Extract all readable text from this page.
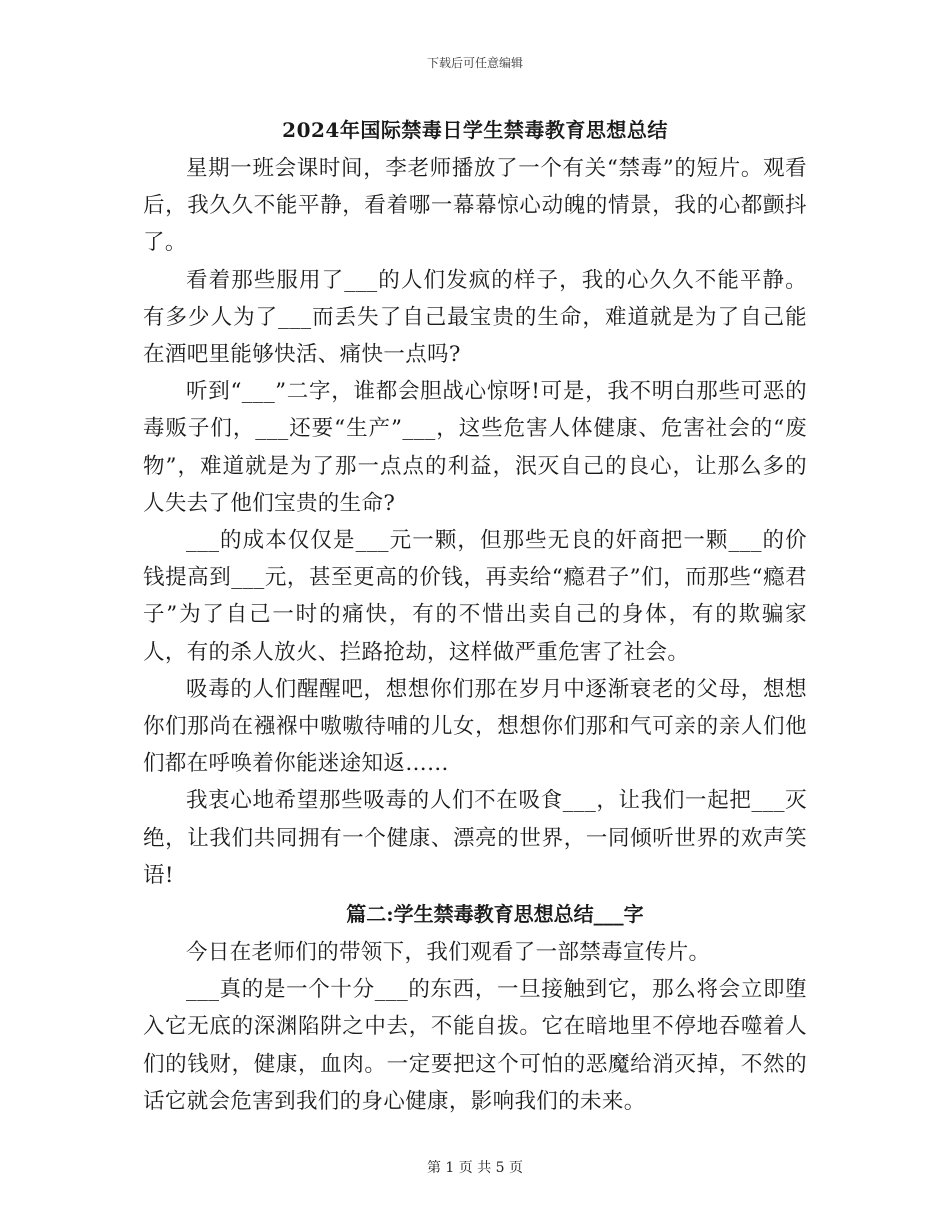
下载后可任意编辑
2024年国际禁毒日学生禁毒教育思想总结

星期一班会课时间，李老师播放了一个有关“禁毒”的短片。观看后，我久久不能平静，看着哪一幕幕惊心动魄的情景，我的心都颤抖了。

看着那些服用了___的人们发疯的样子，我的心久久不能平静。有多少人为了___而丢失了自己最宝贵的生命，难道就是为了自己能在酒吧里能够快活、痛快一点吗?

听到“___”二字，谁都会胆战心惊呀!可是，我不明白那些可恶的毒贩子们，___还要“生产”___，这些危害人体健康、危害社会的“废物”，难道就是为了那一点点的利益，泯灭自己的良心，让那么多的人失去了他们宝贵的生命?

___的成本仅仅是___元一颗，但那些无良的奸商把一颗___的价钱提高到___元，甚至更高的价钱，再卖给“瘾君子”们，而那些“瘾君子”为了自己一时的痛快，有的不惜出卖自己的身体，有的欺骗家人，有的杀人放火、拦路抢劫，这样做严重危害了社会。

吸毒的人们醒醒吧，想想你们那在岁月中逐渐衰老的父母，想想你们那尚在襁褓中嗷嗷待哺的儿女，想想你们那和气可亲的亲人们他们都在呼唤着你能迷途知返……

我衷心地希望那些吸毒的人们不在吸食___，让我们一起把___灭绝，让我们共同拥有一个健康、漂亮的世界，一同倾听世界的欢声笑语!

篇二:学生禁毒教育思想总结___字

今日在老师们的带领下，我们观看了一部禁毒宣传片。

___真的是一个十分___的东西，一旦接触到它，那么将会立即堕入它无底的深渊陷阱之中去，不能自拔。它在暗地里不停地吞噬着人们的钱财，健康，血肉。一定要把这个可怕的恶魔给消灭掉，不然的话它就会危害到我们的身心健康，影响我们的未来。

第 1 页 共 5 页
